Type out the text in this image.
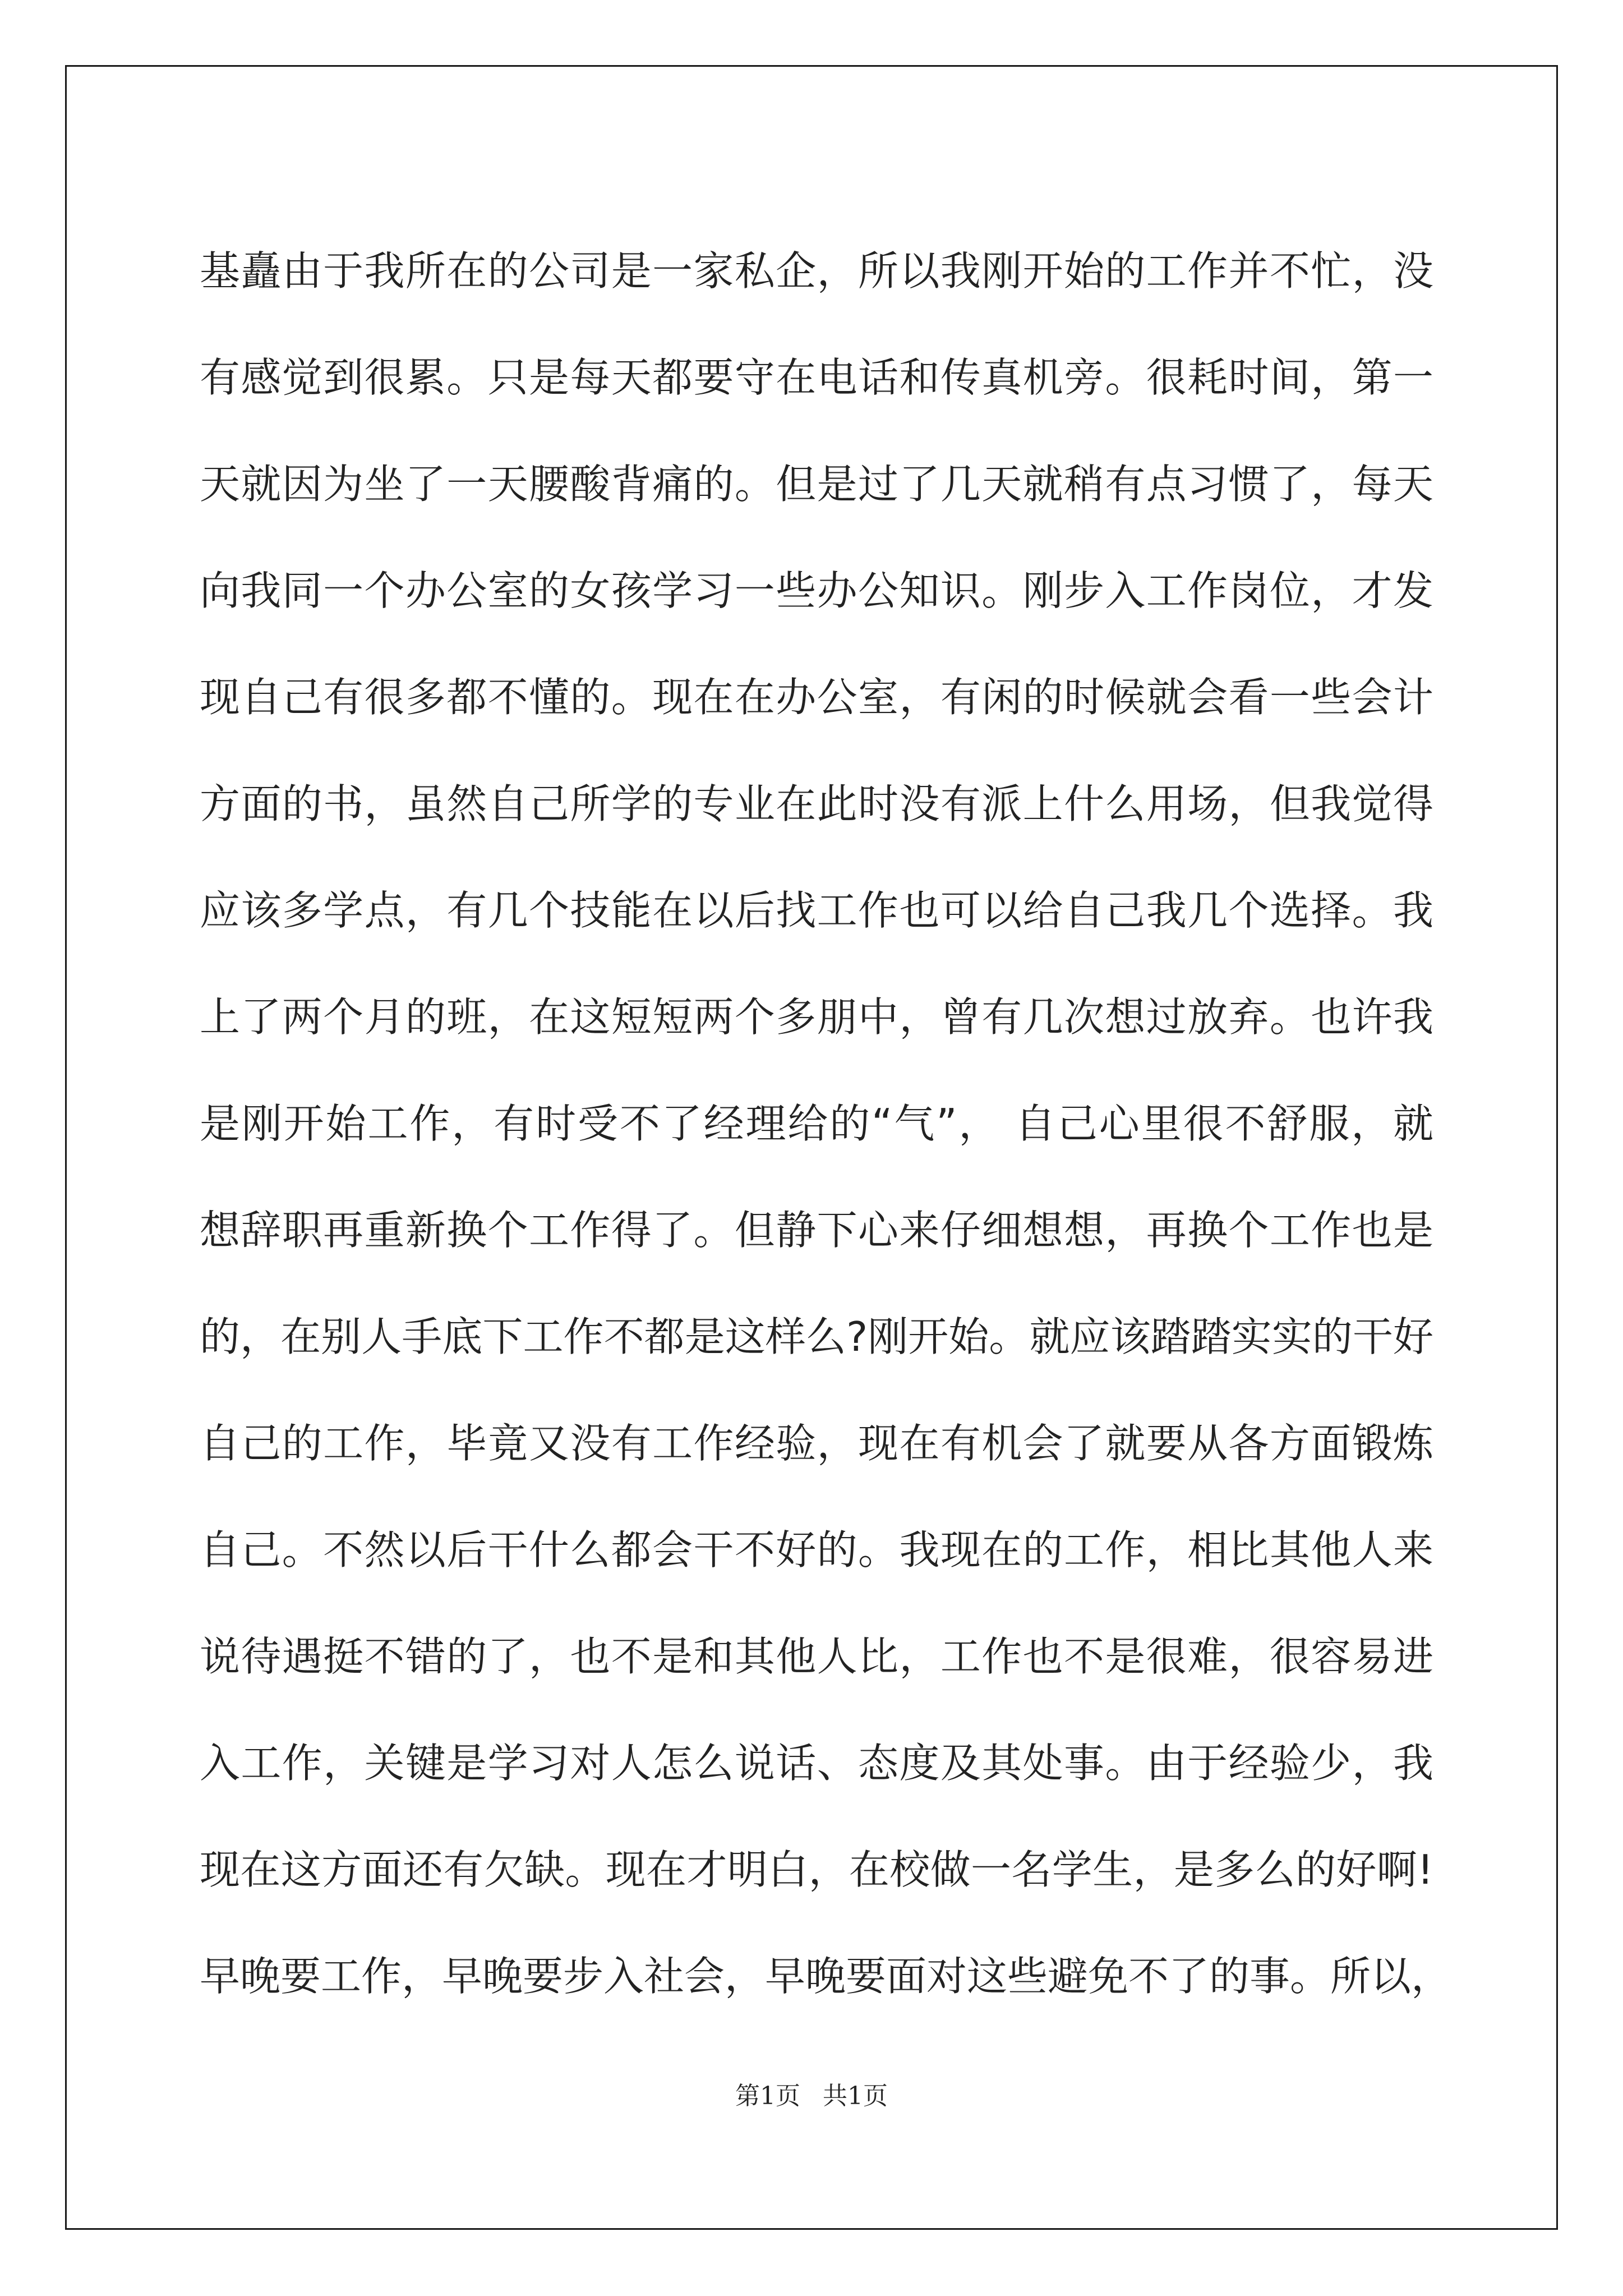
基矗由于我所在的公司是一家私企，所以我刚开始的工作并不忙，没
有感觉到很累。只是每天都要守在电话和传真机旁。很耗时间，第一
天就因为坐了一天腰酸背痛的。但是过了几天就稍有点习惯了，每天
向我同一个办公室的女孩学习一些办公知识。刚步入工作岗位，才发
现自己有很多都不懂的。现在在办公室，有闲的时候就会看一些会计
方面的书，虽然自己所学的专业在此时没有派上什么用场，但我觉得
应该多学点，有几个技能在以后找工作也可以给自己我几个选择。我
上了两个月的班，在这短短两个多朋中，曾有几次想过放弃。也许我
是刚开始工作，有时受不了经理给的“气”， 自己心里很不舒服，就
想辞职再重新换个工作得了。但静下心来仔细想想，再换个工作也是
的，在别人手底下工作不都是这样么?刚开始。就应该踏踏实实的干好
自己的工作，毕竟又没有工作经验，现在有机会了就要从各方面锻炼
自己。不然以后干什么都会干不好的。我现在的工作，相比其他人来
说待遇挺不错的了，也不是和其他人比，工作也不是很难，很容易进
入工作，关键是学习对人怎么说话、态度及其处事。由于经验少，我
现在这方面还有欠缺。现在才明白，在校做一名学生，是多么的好啊!
早晚要工作，早晚要步入社会，早晚要面对这些避免不了的事。所以，
第1页 共1页
